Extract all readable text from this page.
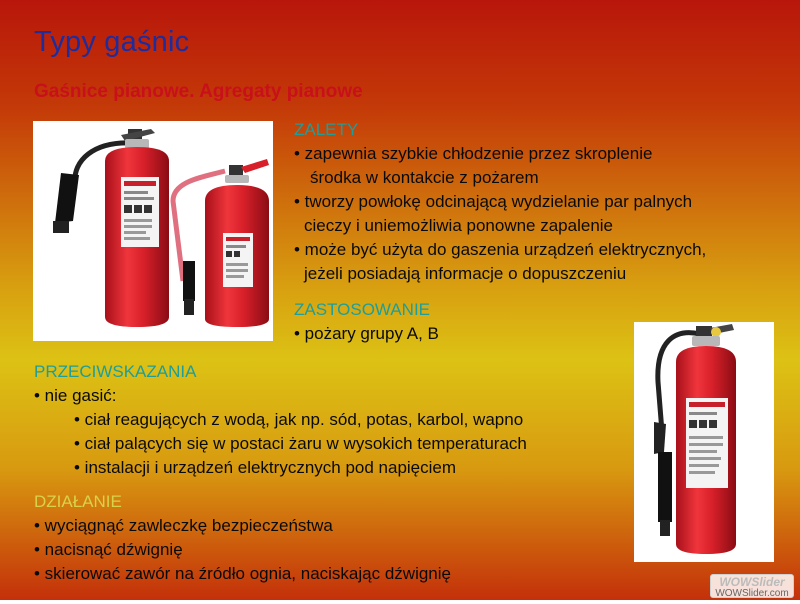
Typy gaśnic
Gaśnice pianowe. Agregaty pianowe
ZALETY
• zapewnia szybkie chłodzenie przez skroplenie
środka w kontakcie z pożarem
• tworzy powłokę odcinającą wydzielanie par palnych
cieczy i uniemożliwia ponowne zapalenie
• może być użyta do gaszenia urządzeń elektrycznych,
jeżeli posiadają informacje o dopuszczeniu
ZASTOSOWANIE
• pożary grupy A, B
PRZECIWSKAZANIA
• nie gasić:
• ciał reagujących z wodą, jak np. sód, potas, karbol, wapno
• ciał palących się w postaci żaru w wysokich temperaturach
• instalacji i urządzeń elektrycznych pod napięciem
DZIAŁANIE
• wyciągnąć zawleczkę bezpieczeństwa
• nacisnąć dźwignię
• skierować zawór na źródło ognia, naciskając dźwignię	WOWSlider
WOWSlider.com
